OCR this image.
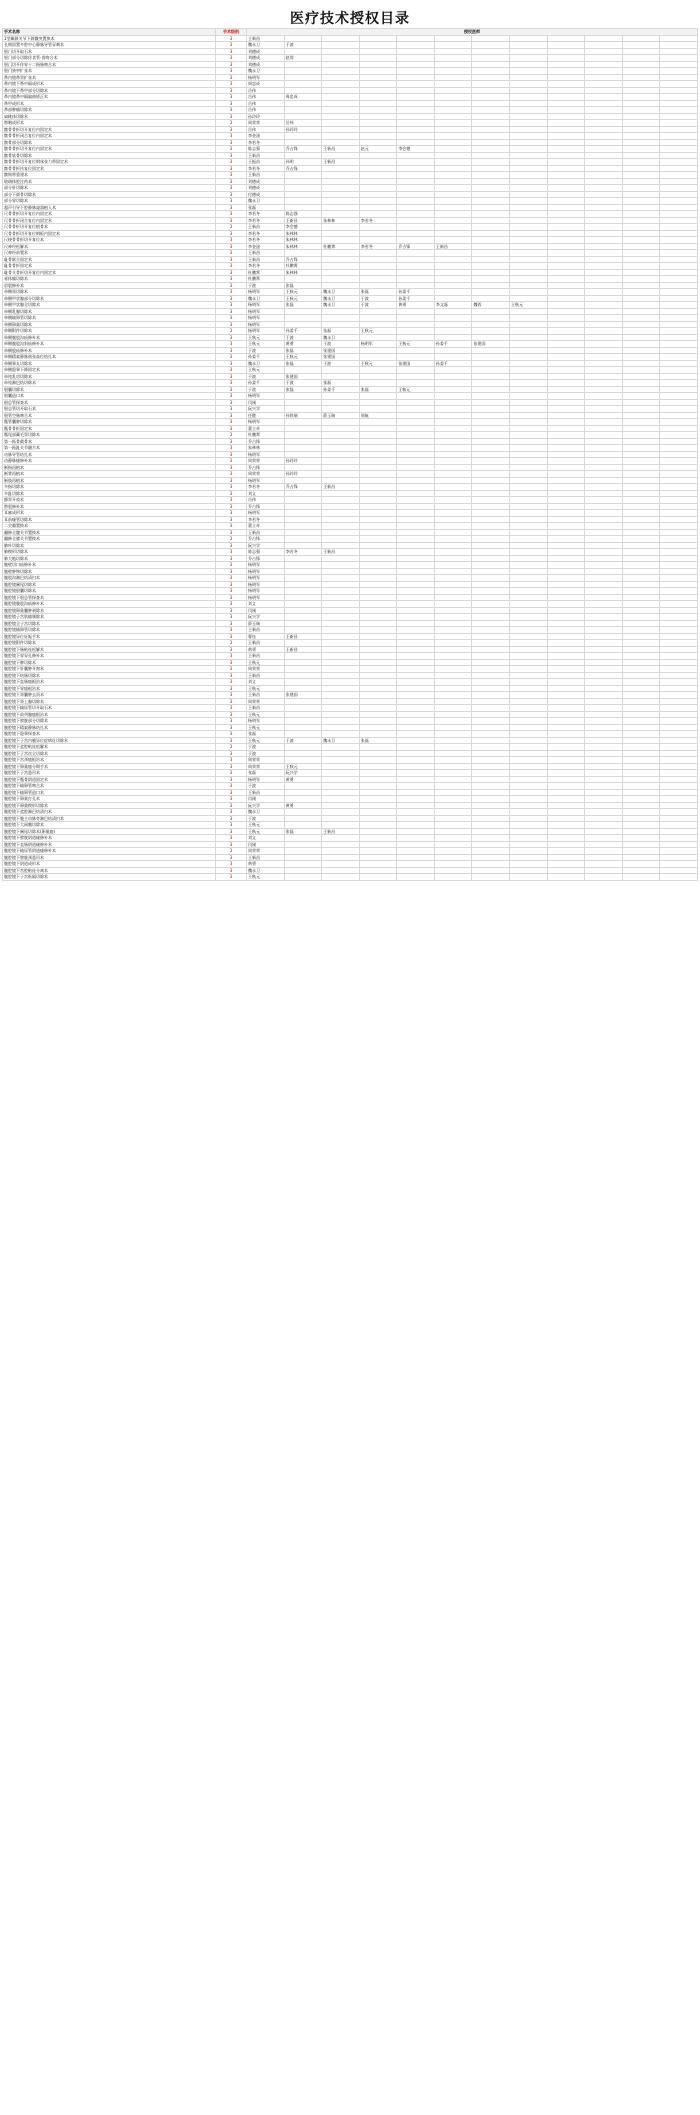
医疗技术授权目录
手术名称	手术级别	授权医师											
1型颞颌关节下颌髁突置换术	3	王新昌											
长期留置多腔中心静脉导管穿刺术	3	魏永卫	于波										
胆门切开取石术	3	刘德成											
胆门部分切除伴食管-胃吻合术	3	刘德成	赵琼										
胆门切开伴胃十二指肠吻合术	3	刘德成											
胆门狭窄扩张术	3	魏永卫											
鼻内镜鼻窦扩张术	3	杨明军											
鼻内镜下鼻中隔成形术	3	周忠成											
鼻内镜下鼻甲部分切除术	3	岳伟											
鼻内镜鼻中隔偏曲矫正术	3	岳伟	周忠成										
鼻甲成形术	3	岳伟											
鼻部肿瘤切除术	3	岳伟											
扁桃体切除术	3	孙玲玲											
腭咽成形术	3	周荣荣	岳伟										
髌骨骨折切开复位内固定术	3	岳伟	孙玲玲										
髌骨骨折闭合复位内固定术	3	李金淦											
髌骨部分切除术	3	李若冬											
髌骨骨折切开复位内固定术	3	陈志强	乔占锋	王新昌	赵元	李会德							
髌骨软骨切除术	3	王新昌											
髌骨骨折切开复位钢丝张力带固定术	3	王振昌	孙明	王新昌									
髌骨骨折扶复位固定术	3	李若冬	乔占锋										
髌韧带重建术	3	王新昌											
玻璃体腔注药术	3	刘德成											
部分肝切除术	3	刘德成											
部分下颌骨切除术	3	付德成											
部分胃切除术	3	魏永卫											
超声引导下腔静脉滤器植入术	3	张磊											
尺骨骨折切开复位内固定术	3	李若冬	陈志强										
尺骨骨折闭合复位内固定术	3	李若冬	王新昌	朱林林	李若冬								
尺骨骨折切开复位植骨术	3	王新昌	李会德										
尺骨骨折切开复位钢板内固定术	3	李若冬	朱林林										
尺桡骨骨折切开复位术	3	李若冬	朱林林										
尺神经松解术	3	李金淦	朱林林	杜鹏霄	李若冬	乔占锋	王新昌						
尺神经前置术	3	王新昌											
耻骨联合固定术	3	王新昌	乔占锋										
耻骨骨折固定术	3	李若冬	杜鹏霄										
耻骨支骨折切开复位内固定术	3	杜鹏霄	朱林林										
垂体瘤切除术	3	杜鹏霄											
唇裂修补术	3	于波	张磊										
单侧肾切除术	3	杨明军	王秋元	魏永卫	张磊	孙姜千							
单侧甲状腺部分切除术	3	魏永卫	王秋元	魏永卫	于波	孙姜千							
单侧甲状腺全切除术	3	杨明军	张磊	魏永卫	于波	黄勇	李文磊	魏西	王秋元				
单侧乳腺切除术	3	杨明军											
单侧输卵管切除术	3	杨明军											
单侧卵巢切除术	3	杨明军											
单侧附件切除术	3	杨明军	孙姜千	张磊	王秋元								
单侧腹股沟疝修补术	3	王秋元	于波	魏永卫									
单侧腹股沟斜疝修补术	3	王秋元	黄勇	于波	杨明军	王秋元	孙姜千	张建国					
单侧股疝修补术	3	于波	张磊	张建国									
单侧精索静脉曲张高位结扎术	3	孙姜千	王秋元	张建国									
单侧睾丸切除术	3	魏永卫	张磊	于波	王秋元	张建国	孙姜千						
单侧隐睾下降固定术	3	王秋元											
单纯乳房切除术	3	于波	张建国										
单纯淋巴结切除术	3	孙姜千	于波	张磊									
胆囊切除术	3	于波	张磊	孙姜千	张磊	王秋元							
胆囊造口术	3	杨明军											
胆总管探查术	3	闫刚											
胆总管切开取石术	3	阮兴学											
胆管空肠吻合术	3	任懿	孙铁瑞	薛玉瑞	周航								
骶管囊肿切除术	3	杨明军											
骶骨骨折固定术	3	董立奇											
骶尾部藏毛窦切除术	3	杜鹏霄											
第一跖骨截骨术	3	乔占锋											
第一跖趾关节融合术	3	朱林林											
动脉导管结扎术	3	杨明军											
动静脉瘘修补术	3	周荣荣	孙玲玲										
断指再植术	3	乔占锋											
断掌再植术	3	周荣荣	孙玲玲										
断肢再植术	3	杨明军											
多指切除术	3	李若冬	乔占锋	王新昌									
多趾切除术	3	刘义											
额窦开放术	3	岳伟											
腭裂修补术	3	乔占锋											
耳廓成形术	3	杨明军											
耳前瘘管切除术	3	李若冬											
二尖瓣置换术	3	董立奇											
翻修全髋关节置换术	3	王新昌											
翻修全膝关节置换术	3	乔占锋											
肺叶切除术	3	阮兴学											
肺楔形切除术	3	陈志强	李若冬	王新昌									
肺大疱切除术	3	乔占锋											
腹壁切口疝修补术	3	杨明军											
腹壁肿物切除术	3	杨明军											
腹股沟淋巴结清扫术	3	杨明军											
腹腔镜阑尾切除术	3	杨明军											
腹腔镜胆囊切除术	3	杨明军											
腹腔镜下胆总管探查术	3	杨明军											
腹腔镜腹股沟疝修补术	3	刘义											
腹腔镜卵巢囊肿剥除术	3	闫刚											
腹腔镜子宫肌瘤剔除术	3	阮兴学											
腹腔镜全子宫切除术	3	薛玉瑞											
腹腔镜输卵管切除术	3	王新昌											
腹腔镜异位妊娠手术	3	曹钰	王新昌										
腹腔镜附件切除术	3	王新昌											
腹腔镜下肠粘连松解术	3	黄勇	王新昌										
腹腔镜下胃穿孔修补术	3	王新昌											
腹腔镜下脾切除术	3	王秋元											
腹腔镜下肝囊肿开窗术	3	周荣荣											
腹腔镜下结肠切除术	3	王新昌											
腹腔镜下直肠癌根治术	3	刘义											
腹腔镜下胃癌根治术	3	王秋元											
腹腔镜下肾囊肿去顶术	3	王新昌	张建国										
腹腔镜下肾上腺切除术	3	周荣荣											
腹腔镜下输尿管切开取石术	3	王新昌											
腹腔镜下前列腺癌根治术	3	王秋元											
腹腔镜下膀胱部分切除术	3	杨明军											
腹腔镜下精索静脉结扎术	3	王秋元											
腹腔镜下隐睾探查术	3	张磊											
腹腔镜下子宫内膜异位症病灶切除术	3	王秋元	于波	魏永卫	张磊								
腹腔镜下盆腔粘连松解术	3	于波											
腹腔镜下子宫次全切除术	3	于波											
腹腔镜下宫颈癌根治术	3	周荣荣											
腹腔镜下卵巢癌分期手术	3	周荣荣	王秋元										
腹腔镜下子宫悬吊术	3	张磊	阮兴学										
腹腔镜下骶骨阴道固定术	3	杨明军	黄勇										
腹腔镜下输卵管吻合术	3	于波											
腹腔镜下输卵管造口术	3	王新昌											
腹腔镜下卵巢打孔术	3	闫刚											
腹腔镜下卵巢楔形切除术	3	阮兴学	黄勇										
腹腔镜下盆腔淋巴结清扫术	3	魏永卫											
腹腔镜下腹主动脉旁淋巴结清扫术	3	于波											
腹腔镜下大网膜切除术	3	王秋元											
腹腔镜下阑尾切除术(卵巢癌)	3	王秋元	张磊	王新昌									
腹腔镜下膀胱阴道瘘修补术	3	刘义											
腹腔镜下直肠阴道瘘修补术	3	闫刚											
腹腔镜下输尿管阴道瘘修补术	3	周荣荣											
腹腔镜下膀胱颈悬吊术	3	王新昌											
腹腔镜下阴道成形术	3	黄勇											
腹腔镜下宫腔粘连分离术	3	魏永卫											
腹腔镜下子宫纵隔切除术	3	王秋元											
